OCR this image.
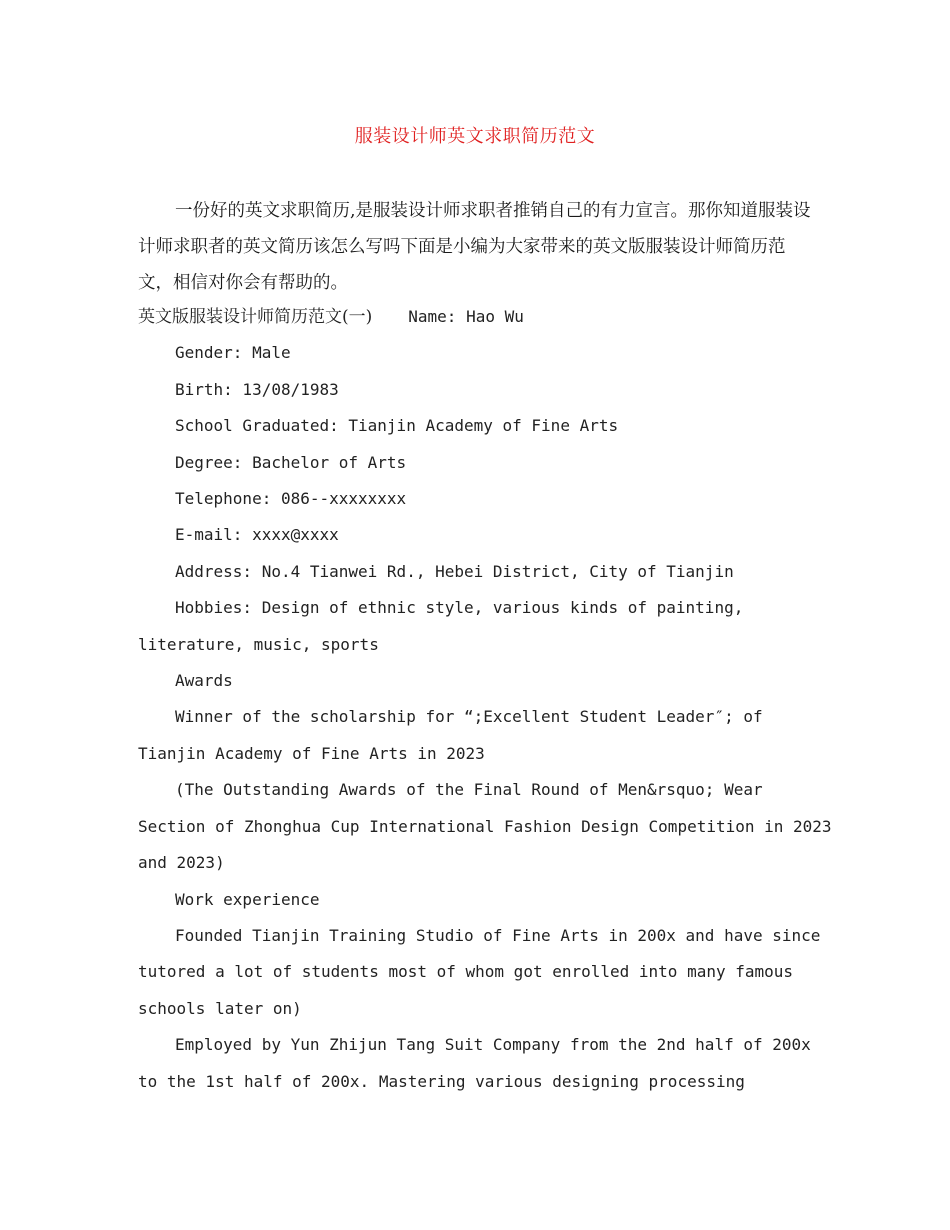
服装设计师英文求职简历范文
一份好的英文求职简历,是服装设计师求职者推销自己的有力宣言。那你知道服装设计师求职者的英文简历该怎么写吗下面是小编为大家带来的英文版服装设计师简历范文，相信对你会有帮助的。

英文版服装设计师简历范文(一) Name: Hao Wu

Gender: Male

Birth: 13/08/1983

School Graduated: Tianjin Academy of Fine Arts

Degree: Bachelor of Arts

Telephone: 086--xxxxxxxx

E-mail: xxxx@xxxx

Address: No.4 Tianwei Rd., Hebei District, City of Tianjin

Hobbies: Design of ethnic style, various kinds of painting,

literature, music, sports

Awards

Winner of the scholarship for “;Excellent Student Leader″; of

Tianjin Academy of Fine Arts in 2023

(The Outstanding Awards of the Final Round of Men&rsquo; Wear

Section of Zhonghua Cup International Fashion Design Competition in 2023

and 2023)

Work experience

Founded Tianjin Training Studio of Fine Arts in 200x and have since

tutored a lot of students most of whom got enrolled into many famous

schools later on)

Employed by Yun Zhijun Tang Suit Company from the 2nd half of 200x

to the 1st half of 200x. Mastering various designing processing
